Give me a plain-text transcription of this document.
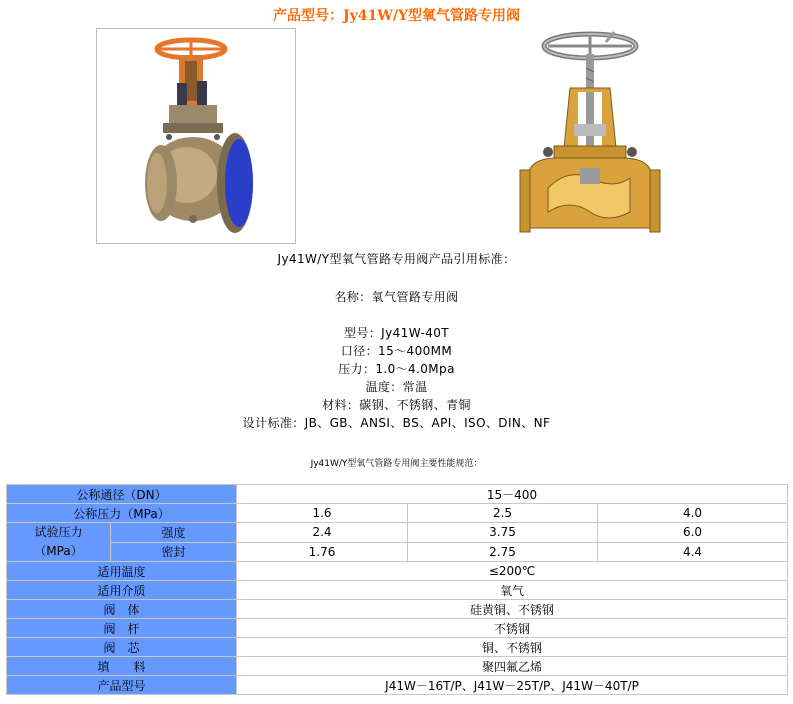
产品型号：Jy41W/Y型氧气管路专用阀
Jy41W/Y型氧气管路专用阀产品引用标准：
名称：氧气管路专用阀
型号：Jy41W-40T
口径：15～400MM
压力：1.0～4.0Mpa
温度：常温
材料：碳钢、不锈钢、青铜
设计标准：JB、GB、ANSI、BS、API、ISO、DIN、NF
Jy41W/Y型氧气管路专用阀主要性能规范：
公称通径（DN）		15－400		
公称压力（MPa）		1.6	2.5	4.0
试验压力
（MPa）	强度	2.4	3.75	6.0
	密封	1.76	2.75	4.4
适用温度		≤200℃		
适用介质		氧气		
阀　体		硅黄铜、不锈钢		
阀　杆		不锈钢		
阀　芯		铜、不锈钢		
填　　料		聚四氟乙烯		
产品型号		J41W－16T/P、J41W－25T/P、J41W－40T/P		
